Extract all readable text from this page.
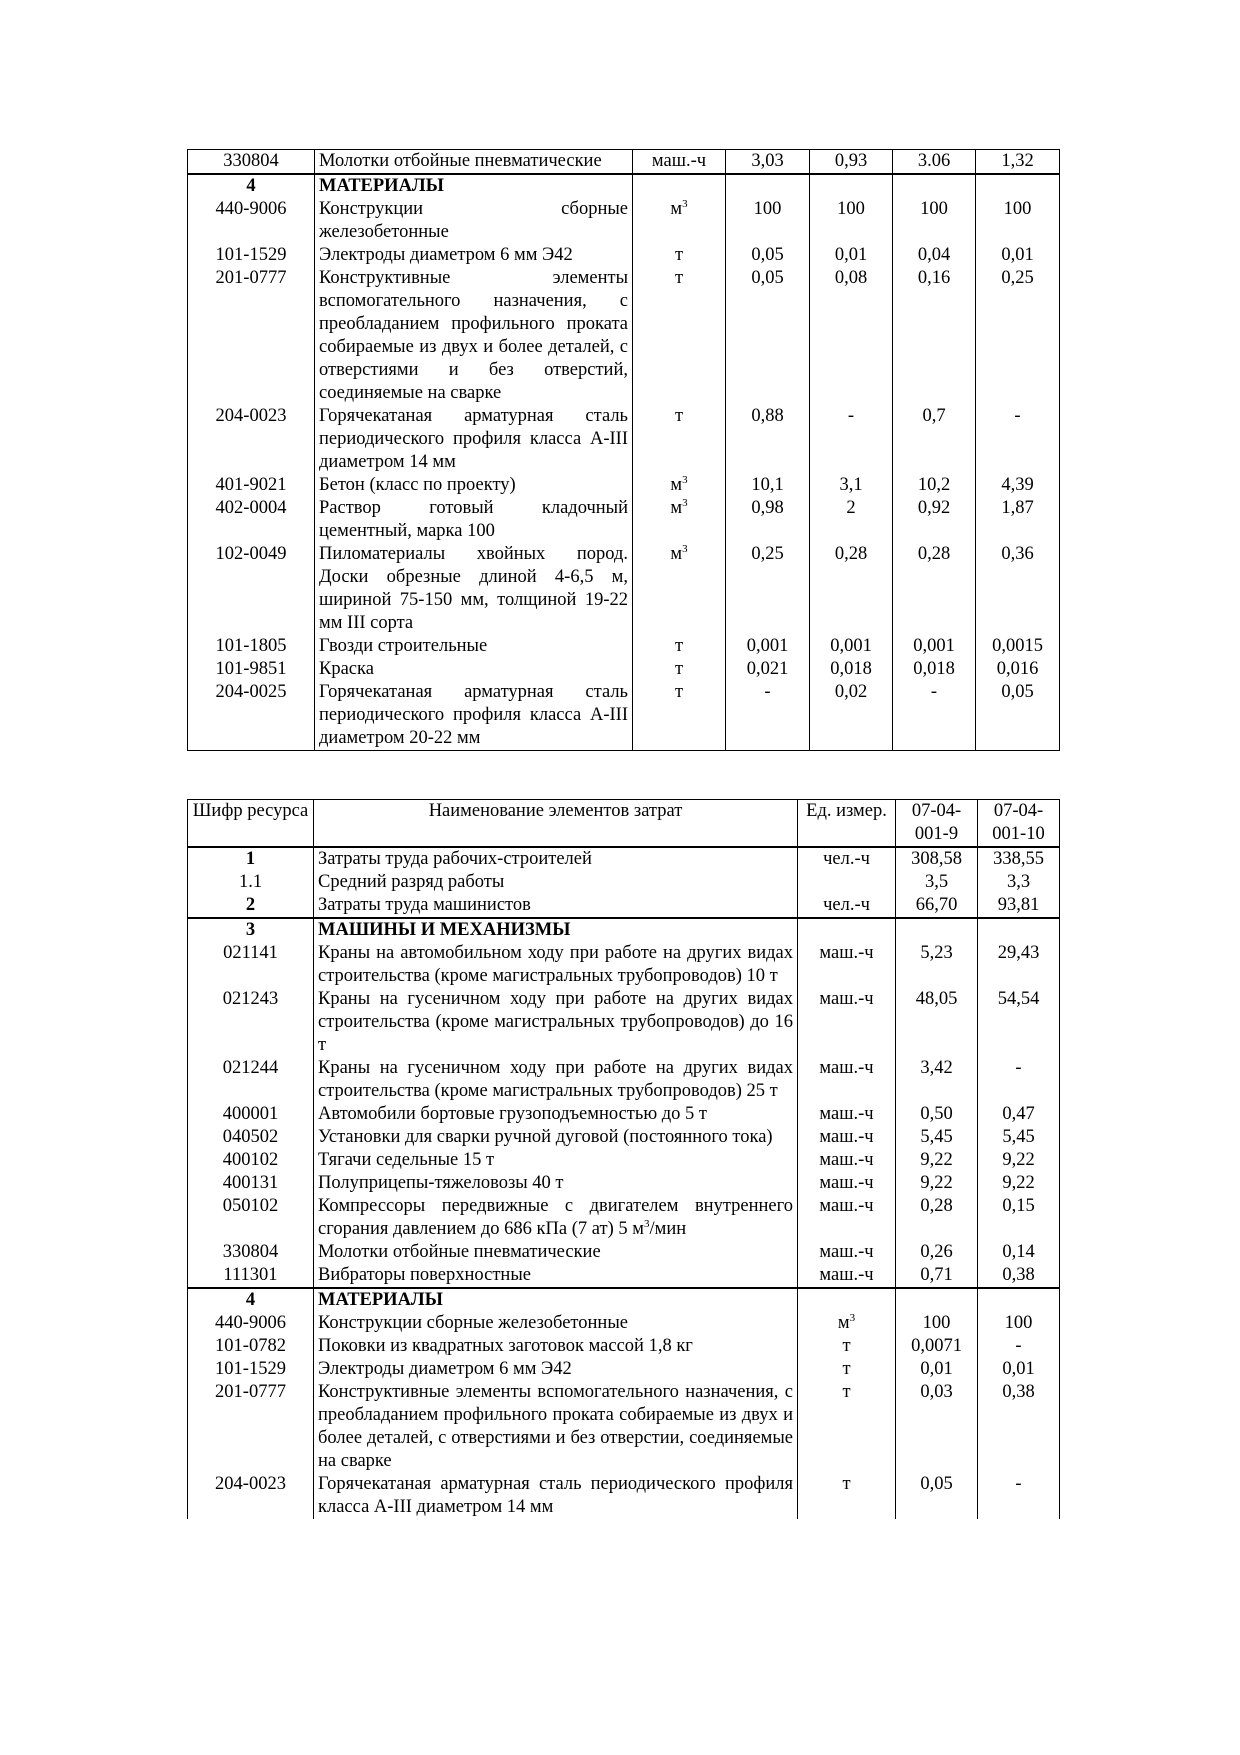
330804	Молотки отбойные пневматические	маш.-ч	3,03	0,93	3.06	1,32
4	МАТЕРИАЛЫ					
440-9006	Конструкции сборные железобетонные	$м^3$	100	100	100	100
101-1529	Электроды диаметром 6 мм Э42	т	0,05	0,01	0,04	0,01
201-0777	Конструктивные элементы вспомогательного назначения, с преобладанием профильного проката собираемые из двух и более деталей, с отверстиями и без отверстий, соединяемые на сварке	т	0,05	0,08	0,16	0,25
204-0023	Горячекатаная арматурная сталь периодического профиля класса А-III диаметром 14 мм	т	0,88	-	0,7	-
401-9021	Бетон (класс по проекту)	$м^3$	10,1	3,1	10,2	4,39
402-0004	Раствор готовый кладочный цементный, марка 100	$м^3$	0,98	2	0,92	1,87
102-0049	Пиломатериалы хвойных пород. Доски обрезные длиной 4-6,5 м, шириной 75-150 мм, толщиной 19-22 мм III сорта	$м^3$	0,25	0,28	0,28	0,36
101-1805	Гвозди строительные	т	0,001	0,001	0,001	0,0015
101-9851	Краска	т	0,021	0,018	0,018	0,016
204-0025	Горячекатаная арматурная сталь периодического профиля класса А-III диаметром 20-22 мм	т	-	0,02	-	0,05
Шифр ресурса	Наименование элементов затрат	Ед. измер.	07-04-001-9	07-04-001-10
1	Затраты труда рабочих-строителей	чел.-ч	308,58	338,55
1.1	Средний разряд работы		3,5	3,3
2	Затраты труда машинистов	чел.-ч	66,70	93,81
3	МАШИНЫ И МЕХАНИЗМЫ			
021141	Краны на автомобильном ходу при работе на других видах строительства (кроме магистральных трубопроводов) 10 т	маш.-ч	5,23	29,43
021243	Краны на гусеничном ходу при работе на других видах строительства (кроме магистральных трубопроводов) до 16 т	маш.-ч	48,05	54,54
021244	Краны на гусеничном ходу при работе на других видах строительства (кроме магистральных трубопроводов) 25 т	маш.-ч	3,42	-
400001	Автомобили бортовые грузоподъемностью до 5 т	маш.-ч	0,50	0,47
040502	Установки для сварки ручной дуговой (постоянного тока)	маш.-ч	5,45	5,45
400102	Тягачи седельные 15 т	маш.-ч	9,22	9,22
400131	Полуприцепы-тяжеловозы 40 т	маш.-ч	9,22	9,22
050102	Компрессоры передвижные с двигателем внутреннего сгорания давлением до 686 кПа (7 ат) 5 $м^3$/мин	маш.-ч	0,28	0,15
330804	Молотки отбойные пневматические	маш.-ч	0,26	0,14
111301	Вибраторы поверхностные	маш.-ч	0,71	0,38
4	МАТЕРИАЛЫ			
440-9006	Конструкции сборные железобетонные	$м^3$	100	100
101-0782	Поковки из квадратных заготовок массой 1,8 кг	т	0,0071	-
101-1529	Электроды диаметром 6 мм Э42	т	0,01	0,01
201-0777	Конструктивные элементы вспомогательного назначения, с преобладанием профильного проката собираемые из двух и более деталей, с отверстиями и без отверстии, соединяемые на сварке	т	0,03	0,38
204-0023	Горячекатаная арматурная сталь периодического профиля класса А-III диаметром 14 мм	т	0,05	-
